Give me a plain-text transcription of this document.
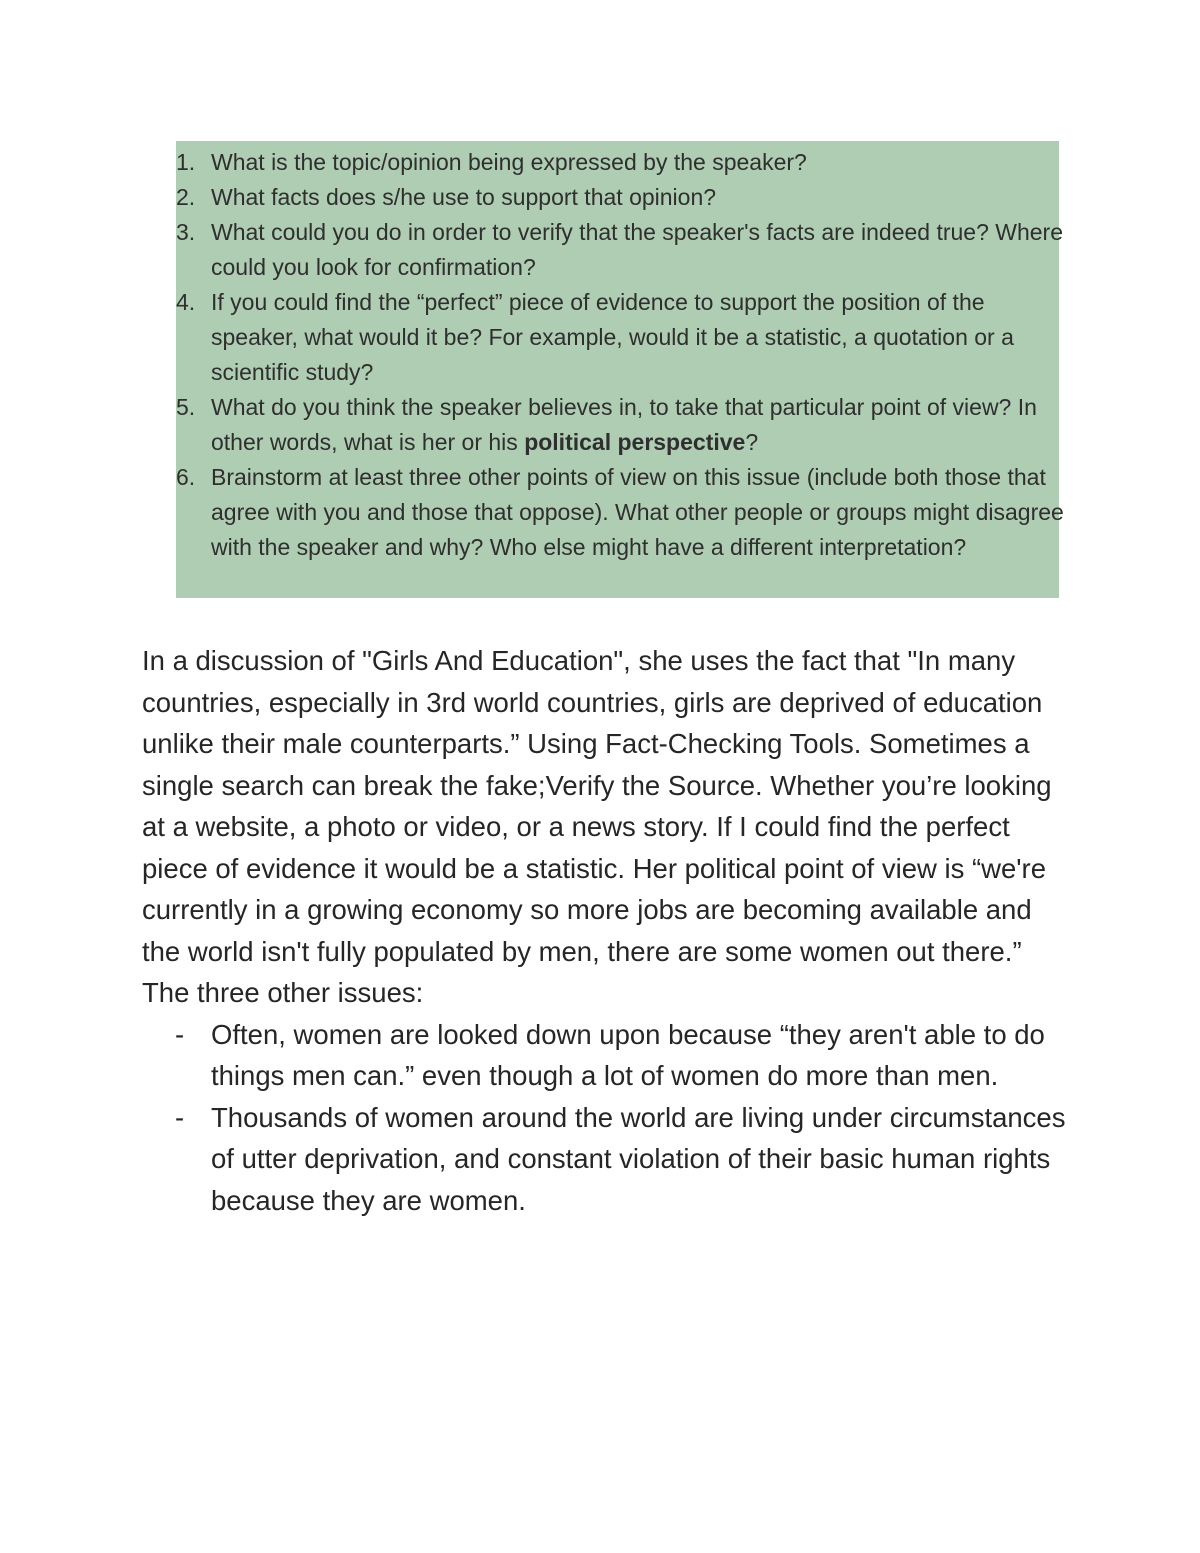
1. What is the topic/opinion being expressed by the speaker?
2. What facts does s/he use to support that opinion?
3. What could you do in order to verify that the speaker's facts are indeed true? Where could you look for confirmation?
4. If you could find the “perfect” piece of evidence to support the position of the speaker, what would it be? For example, would it be a statistic, a quotation or a scientific study?
5. What do you think the speaker believes in, to take that particular point of view? In other words, what is her or his political perspective?
6. Brainstorm at least three other points of view on this issue (include both those that agree with you and those that oppose). What other people or groups might disagree with the speaker and why? Who else might have a different interpretation?

In a discussion of "Girls And Education", she uses the fact that "In many countries, especially in 3rd world countries, girls are deprived of education unlike their male counterparts.” Using Fact-Checking Tools. Sometimes a single search can break the fake;Verify the Source. Whether you’re looking at a website, a photo or video, or a news story. If I could find the perfect piece of evidence it would be a statistic. Her political point of view is “we're currently in a growing economy so more jobs are becoming available and the world isn't fully populated by men, there are some women out there.”

The three other issues:

- Often, women are looked down upon because “they aren't able to do things men can.” even though a lot of women do more than men.
- Thousands of women around the world are living under circumstances of utter deprivation, and constant violation of their basic human rights because they are women.
